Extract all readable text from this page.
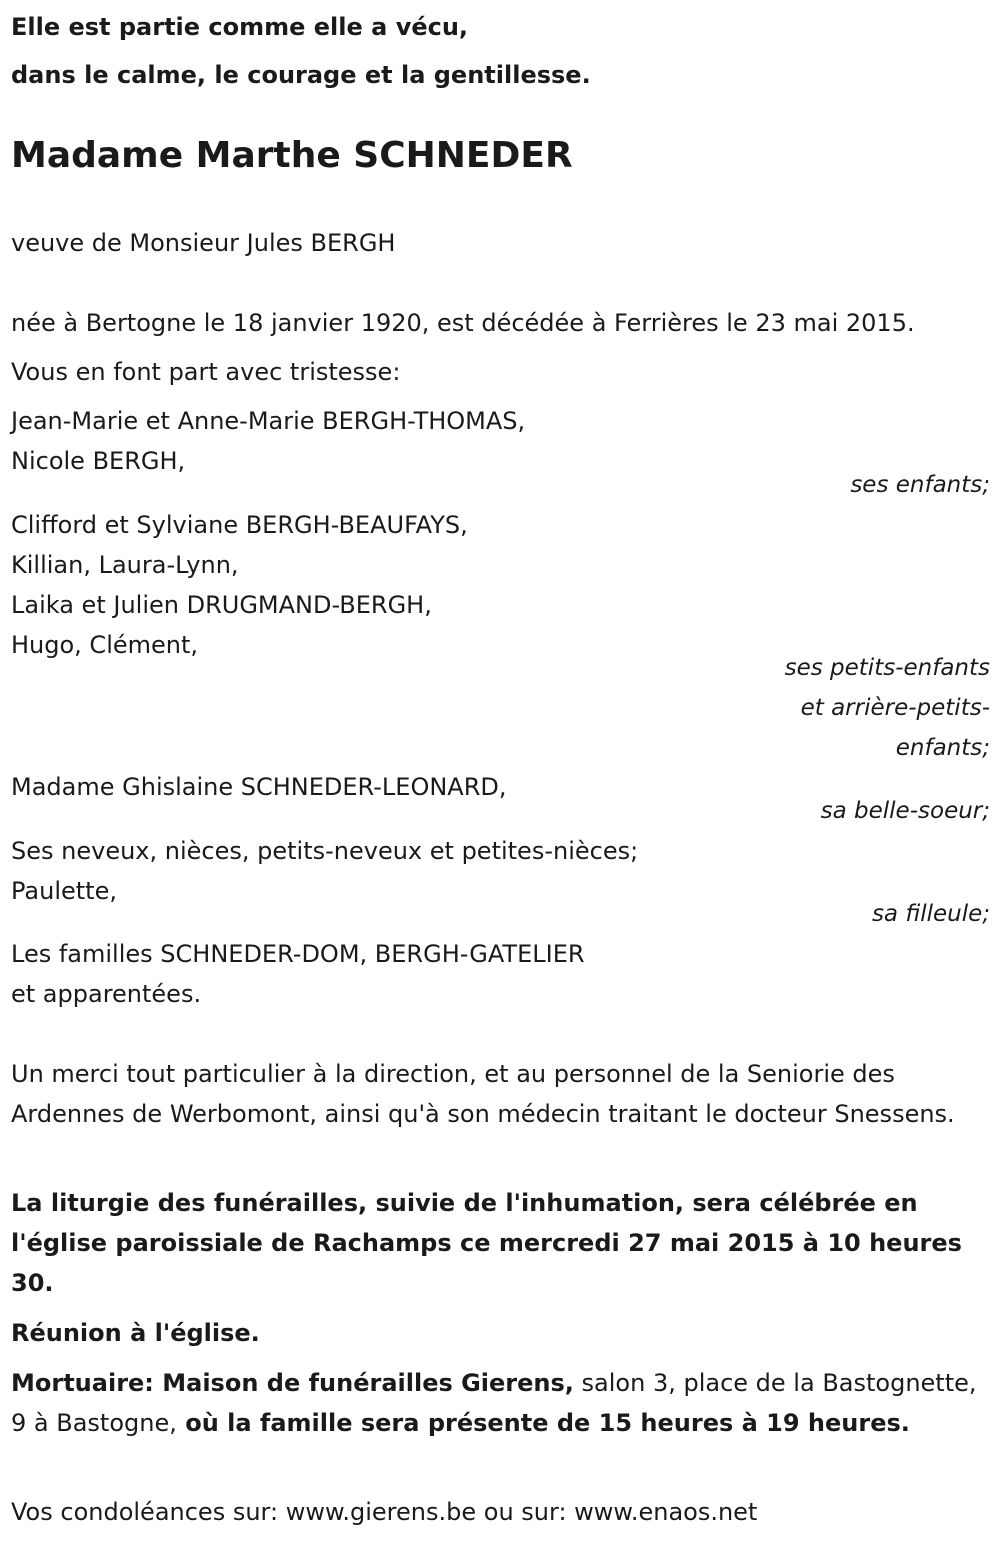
Elle est partie comme elle a vécu,
dans le calme, le courage et la gentillesse.
Madame Marthe SCHNEDER
veuve de Monsieur Jules BERGH
née à Bertogne le 18 janvier 1920, est décédée à Ferrières le 23 mai 2015.
Vous en font part avec tristesse:
Jean-Marie et Anne-Marie BERGH-THOMAS,
Nicole BERGH,
ses enfants;
Clifford et Sylviane BERGH-BEAUFAYS,
Killian, Laura-Lynn,
Laika et Julien DRUGMAND-BERGH,
Hugo, Clément,
ses petits-enfants
et arrière-petits-
enfants;
Madame Ghislaine SCHNEDER-LEONARD,
sa belle-soeur;
Ses neveux, nièces, petits-neveux et petites-nièces;
Paulette,
sa filleule;
Les familles SCHNEDER-DOM, BERGH-GATELIER
et apparentées.
Un merci tout particulier à la direction, et au personnel de la Seniorie des Ardennes de Werbomont, ainsi qu'à son médecin traitant le docteur Snessens.
La liturgie des funérailles, suivie de l'inhumation, sera célébrée en l'église paroissiale de Rachamps ce mercredi 27 mai 2015 à 10 heures 30.
Réunion à l'église.
Mortuaire: Maison de funérailles Gierens, salon 3, place de la Bastognette, 9 à Bastogne, où la famille sera présente de 15 heures à 19 heures.
Vos condoléances sur: www.gierens.be ou sur: www.enaos.net
